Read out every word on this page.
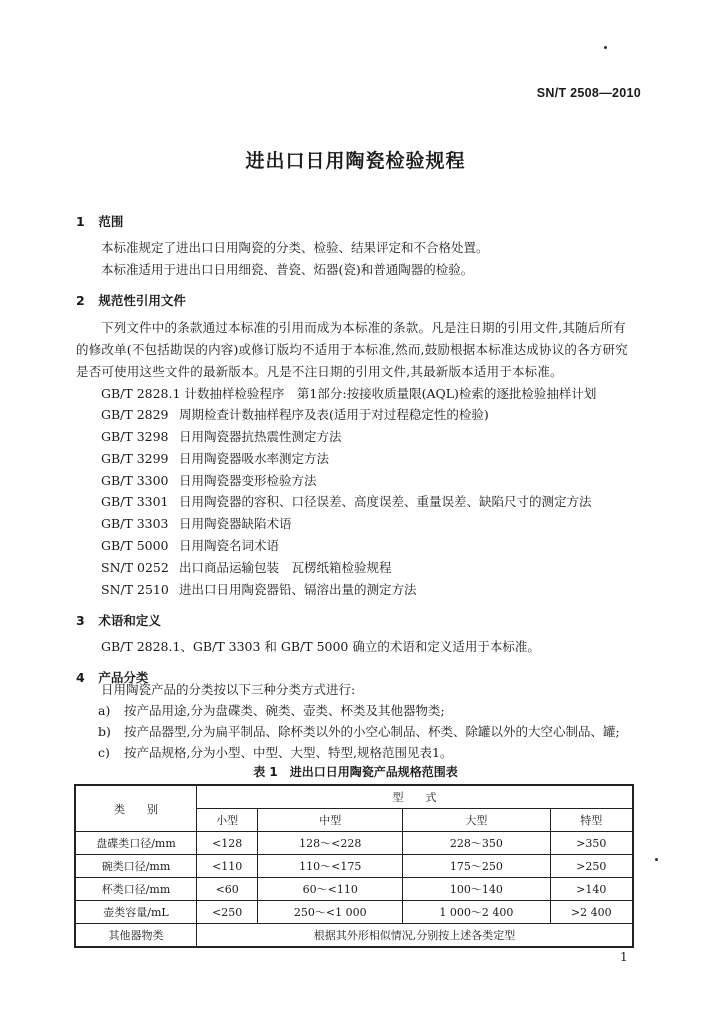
SN/T 2508—2010
进出口日用陶瓷检验规程
1 范围
本标准规定了进出口日用陶瓷的分类、检验、结果评定和不合格处置。
本标准适用于进出口日用细瓷、普瓷、炻器(瓷)和普通陶器的检验。
2 规范性引用文件
下列文件中的条款通过本标准的引用而成为本标准的条款。凡是注日期的引用文件,其随后所有的修改单(不包括勘误的内容)或修订版均不适用于本标准,然而,鼓励根据本标准达成协议的各方研究是否可使用这些文件的最新版本。凡是不注日期的引用文件,其最新版本适用于本标准。
GB/T 2828.1 计数抽样检验程序　第1部分:按接收质量限(AQL)检索的逐批检验抽样计划
GB/T 2829 周期检查计数抽样程序及表(适用于对过程稳定性的检验)
GB/T 3298 日用陶瓷器抗热震性测定方法
GB/T 3299 日用陶瓷器吸水率测定方法
GB/T 3300 日用陶瓷器变形检验方法
GB/T 3301 日用陶瓷器的容积、口径误差、高度误差、重量误差、缺陷尺寸的测定方法
GB/T 3303 日用陶瓷器缺陷术语
GB/T 5000 日用陶瓷名词术语
SN/T 0252 出口商品运输包装　瓦楞纸箱检验规程
SN/T 2510 进出口日用陶瓷器铅、镉溶出量的测定方法
3 术语和定义
GB/T 2828.1、GB/T 3303 和 GB/T 5000 确立的术语和定义适用于本标准。
4 产品分类
日用陶瓷产品的分类按以下三种分类方式进行:
a) 按产品用途,分为盘碟类、碗类、壶类、杯类及其他器物类;
b) 按产品器型,分为扁平制品、除杯类以外的小空心制品、杯类、除罐以外的大空心制品、罐;
表 1　进出口日用陶瓷产品规格范围表
类　　别	型　　式			
	小型	中型	大型	特型
盘碟类口径/mm	<128	128～<228	228～350	>350
碗类口径/mm	<110	110～<175	175～250	>250
杯类口径/mm	<60	60～<110	100～140	>140
壶类容量/mL	<250	250～<1 000	1 000～2 400	>2 400
其他器物类	根据其外形相似情况,分别按上述各类定型			
1
c) 按产品规格,分为小型、中型、大型、特型,规格范围见表1。
